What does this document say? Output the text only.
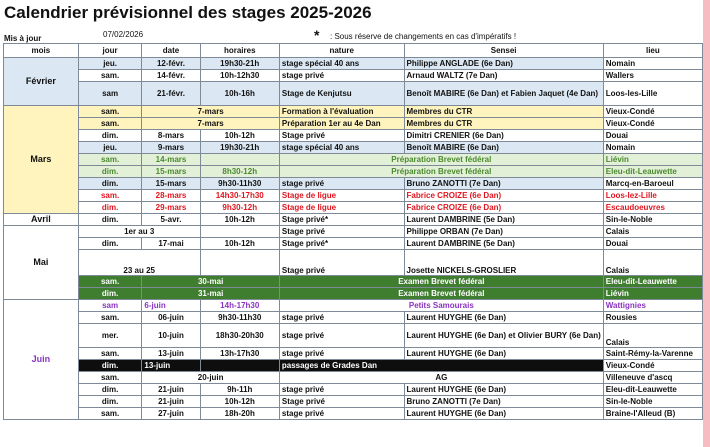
Calendrier prévisionnel des stages 2025-2026
Mis à jour	07/02/2026	* : Sous réserve de changements en cas d'impératifs !
mois	jour	date	horaires	nature	Sensei	lieu
Février	jeu.	12-févr.	19h30-21h	stage spécial 40 ans	Philippe ANGLADE (6e Dan)	Nomain
	sam.	14-févr.	10h-12h30	stage privé	Arnaud WALTZ (7e Dan)	Wallers
	sam	21-févr.	10h-16h	Stage de Kenjutsu	Benoît MABIRE (6e Dan) et Fabien Jaquet (4e Dan)	Loos-les-Lille
Mars	sam.	7-mars		Formation à l'évaluation	Membres du CTR	Vieux-Condé
	sam.	7-mars		Préparation 1er au 4e Dan	Membres du CTR	Vieux-Condé
	dim.	8-mars	10h-12h	Stage privé	Dimitri CRENIER (6e Dan)	Douai
	jeu.	9-mars	19h30-21h	stage spécial 40 ans	Benoît MABIRE (6e Dan)	Nomain
	sam.	14-mars		Préparation Brevet fédéral		Liévin
	dim.	15-mars	8h30-12h	Préparation Brevet fédéral		Eleu-dit-Leauwette
	dim.	15-mars	9h30-11h30	stage privé	Bruno ZANOTTI (7e Dan)	Marcq-en-Baroeul
	sam.	28-mars	14h30-17h30	Stage de ligue	Fabrice CROIZE (6e Dan)	Loos-lez-Lille
	dim.	29-mars	9h30-12h	Stage de ligue	Fabrice CROIZE (6e Dan)	Escaudoeuvres
Avril	dim.	5-avr.	10h-12h	Stage privé*	Laurent DAMBRINE (5e Dan)	Sin-le-Noble
Mai	1er au 3			Stage privé	Philippe ORBAN (7e Dan)	Calais
	dim.	17-mai	10h-12h	Stage privé*	Laurent DAMBRINE (5e Dan)	Douai
	23 au 25			Stage privé	Josette NICKELS-GROSLIER	Calais
	sam.	30-mai		Examen Brevet fédéral		Eleu-dit-Leauwette
	dim.	31-mai		Examen Brevet fédéral		Liévin
Juin	sam	6-juin	14h-17h30	Petits Samourais		Wattignies
	sam.	06-juin	9h30-11h30	stage privé	Laurent HUYGHE (6e Dan)	Rousies
	mer.	10-juin	18h30-20h30	stage privé	Laurent HUYGHE (6e Dan) et Olivier BURY (6e Dan)	Calais
	sam.	13-juin	13h-17h30	stage privé	Laurent HUYGHE (6e Dan)	Saint-Rémy-la-Varenne
	dim.	13-juin		passages de Grades Dan		Vieux-Condé
	sam.	20-juin		AG		Villeneuve d'ascq
	dim.	21-juin	9h-11h	stage privé	Laurent HUYGHE (6e Dan)	Eleu-dit-Leauwette
	dim.	21-juin	10h-12h	Stage privé	Bruno ZANOTTI (7e Dan)	Sin-le-Noble
	sam.	27-juin	18h-20h	stage privé	Laurent HUYGHE (6e Dan)	Braine-l'Alleud (B)
